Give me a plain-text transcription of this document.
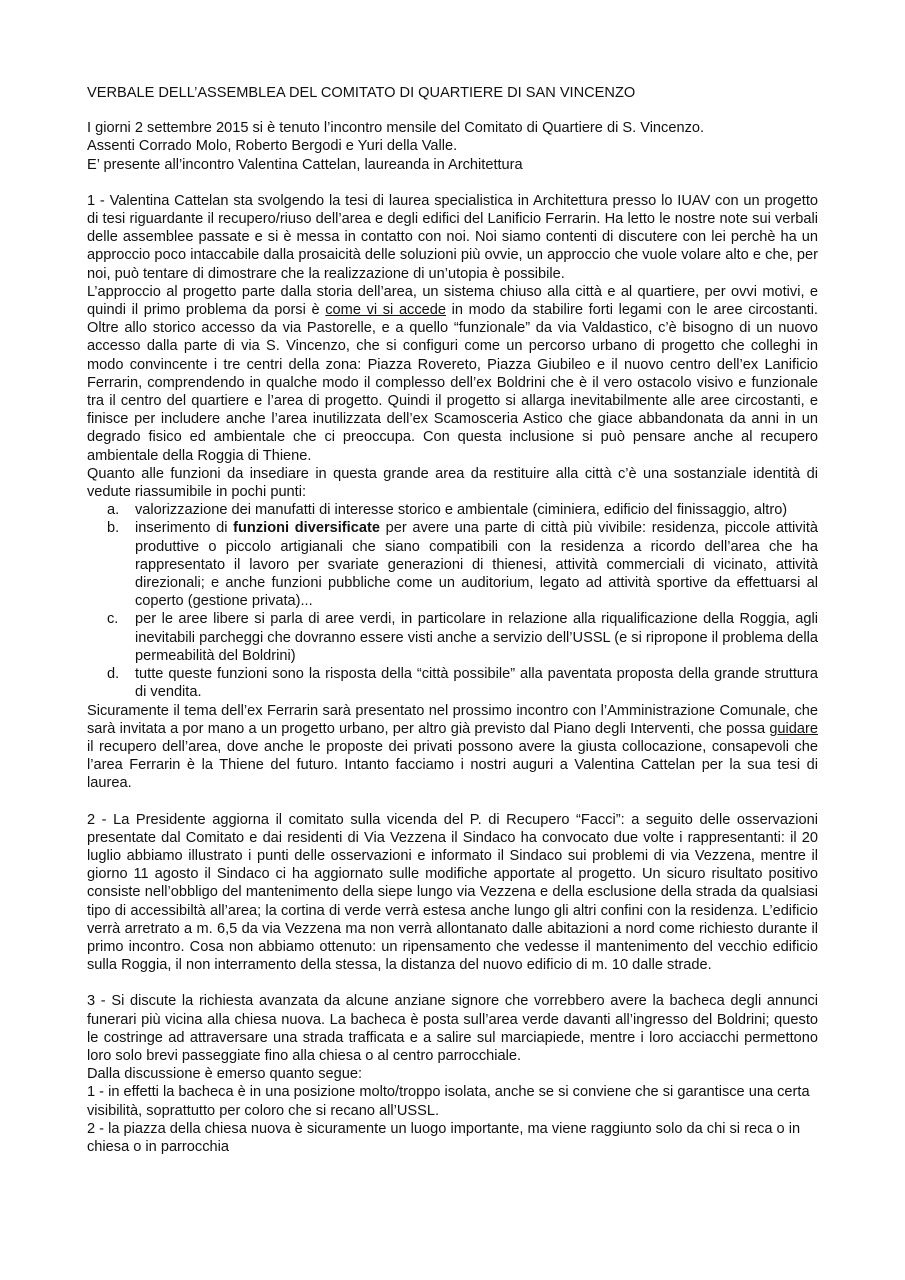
VERBALE DELL’ASSEMBLEA DEL COMITATO DI QUARTIERE DI SAN VINCENZO

I giorni 2 settembre 2015 si è tenuto l’incontro mensile del Comitato di Quartiere di S. Vincenzo.

Assenti Corrado Molo, Roberto Bergodi e Yuri della Valle.

E’ presente all’incontro Valentina Cattelan, laureanda in Architettura

1 - Valentina Cattelan sta svolgendo la tesi di laurea specialistica in Architettura presso lo IUAV con un progetto di tesi riguardante il recupero/riuso dell’area e degli edifici del Lanificio Ferrarin. Ha letto le nostre note sui verbali delle assemblee passate e si è messa in contatto con noi. Noi siamo contenti di discutere con lei perchè ha un approccio poco intaccabile dalla prosaicità delle soluzioni più ovvie, un approccio che vuole volare alto e che, per noi, può tentare di dimostrare che la realizzazione di un’utopia è possibile.

L’approccio al progetto parte dalla storia dell’area, un sistema chiuso alla città e al quartiere, per ovvi motivi, e quindi il primo problema da porsi è come vi si accede in modo da stabilire forti legami con le aree circostanti. Oltre allo storico accesso da via Pastorelle, e a quello “funzionale” da via Valdastico, c’è bisogno di un nuovo accesso dalla parte di via S. Vincenzo, che si configuri come un percorso urbano di progetto che colleghi in modo convincente i tre centri della zona: Piazza Rovereto, Piazza Giubileo e il nuovo centro dell’ex Lanificio Ferrarin, comprendendo in qualche modo il complesso dell’ex Boldrini che è il vero ostacolo visivo e funzionale tra il centro del quartiere e l’area di progetto. Quindi il progetto si allarga inevitabilmente alle aree circostanti, e finisce per includere anche l’area inutilizzata dell’ex Scamosceria Astico che giace abbandonata da anni in un degrado fisico ed ambientale che ci preoccupa. Con questa inclusione si può pensare anche al recupero ambientale della Roggia di Thiene.

Quanto alle funzioni da insediare in questa grande area da restituire alla città c’è una sostanziale identità di vedute riassumibile in pochi punti:

a. valorizzazione dei manufatti di interesse storico e ambientale (ciminiera, edificio del finissaggio, altro)
b. inserimento di funzioni diversificate per avere una parte di città più vivibile: residenza, piccole attività produttive o piccolo artigianali che siano compatibili con la residenza a ricordo dell’area che ha rappresentato il lavoro per svariate generazioni di thienesi, attività commerciali di vicinato, attività direzionali; e anche funzioni pubbliche come un auditorium, legato ad attività sportive da effettuarsi al coperto (gestione privata)...
c. per le aree libere si parla di aree verdi, in particolare in relazione alla riqualificazione della Roggia, agli inevitabili parcheggi che dovranno essere visti anche a servizio dell’USSL (e si ripropone il problema della permeabilità del Boldrini)
d. tutte queste funzioni sono la risposta della “città possibile” alla paventata proposta della grande struttura di vendita.

Sicuramente il tema dell’ex Ferrarin sarà presentato nel prossimo incontro con l’Amministrazione Comunale, che sarà invitata a por mano a un progetto urbano, per altro già previsto dal Piano degli Interventi, che possa guidare il recupero dell’area, dove anche le proposte dei privati possono avere la giusta collocazione, consapevoli che l’area Ferrarin è la Thiene del futuro. Intanto facciamo i nostri auguri a Valentina Cattelan per la sua tesi di laurea.

2 - La Presidente aggiorna il comitato sulla vicenda del P. di Recupero “Facci”: a seguito delle osservazioni presentate dal Comitato e dai residenti di Via Vezzena il Sindaco ha convocato due volte i rappresentanti: il 20 luglio abbiamo illustrato i punti delle osservazioni e informato il Sindaco sui problemi di via Vezzena, mentre il giorno 11 agosto il Sindaco ci ha aggiornato sulle modifiche apportate al progetto. Un sicuro risultato positivo consiste nell’obbligo del mantenimento della siepe lungo via Vezzena e della esclusione della strada da qualsiasi tipo di accessibiltà all’area; la cortina di verde verrà estesa anche lungo gli altri confini con la residenza. L’edificio verrà arretrato a m. 6,5 da via Vezzena ma non verrà allontanato dalle abitazioni a nord come richiesto durante il primo incontro. Cosa non abbiamo ottenuto: un ripensamento che vedesse il mantenimento del vecchio edificio sulla Roggia, il non interramento della stessa, la distanza del nuovo edificio di m. 10 dalle strade.

3 - Si discute la richiesta avanzata da alcune anziane signore che vorrebbero avere la bacheca degli annunci funerari più vicina alla chiesa nuova. La bacheca è posta sull’area verde davanti all’ingresso del Boldrini; questo le costringe ad attraversare una strada trafficata e a salire sul marciapiede, mentre i loro acciacchi permettono loro solo brevi passeggiate fino alla chiesa o al centro parrocchiale.

Dalla discussione è emerso quanto segue:

1 - in effetti la bacheca è in una posizione molto/troppo isolata, anche se si conviene che si garantisce una certa visibilità, soprattutto per coloro che si recano all’USSL.

2 - la piazza della chiesa nuova è sicuramente un luogo importante, ma viene raggiunto solo da chi si reca o in chiesa o in parrocchia
